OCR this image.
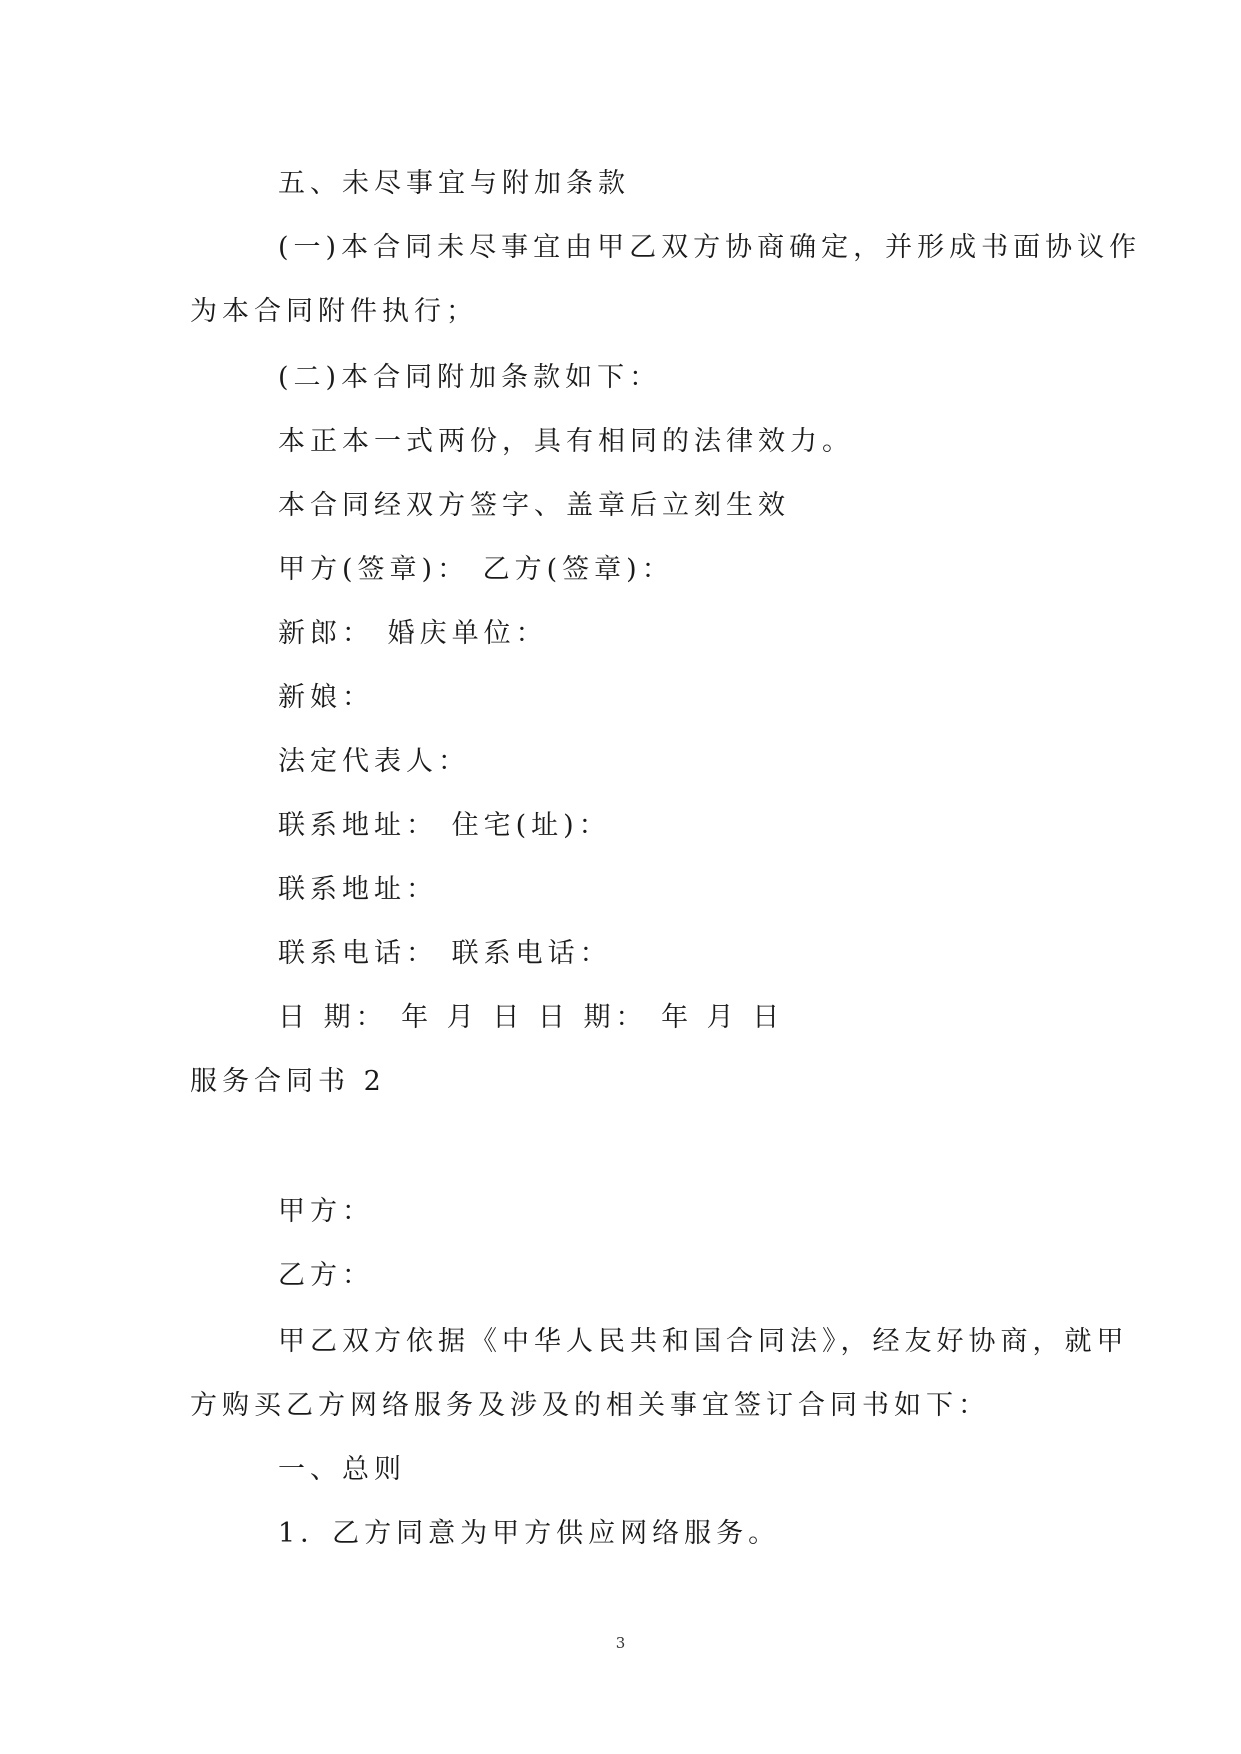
五、未尽事宜与附加条款

(一)本合同未尽事宜由甲乙双方协商确定，并形成书面协议作

为本合同附件执行；

(二)本合同附加条款如下：

本正本一式两份，具有相同的法律效力。

本合同经双方签字、盖章后立刻生效

甲方(签章)： 乙方(签章)：

新郎： 婚庆单位：

新娘：

法定代表人：

联系地址： 住宅(址)：

联系地址：

联系电话： 联系电话：

日 期： 年 月 日 日 期： 年 月 日

服务合同书 2

甲方：

乙方：

甲乙双方依据《中华人民共和国合同法》，经友好协商，就甲

方购买乙方网络服务及涉及的相关事宜签订合同书如下：

一、总则

1．乙方同意为甲方供应网络服务。

3
